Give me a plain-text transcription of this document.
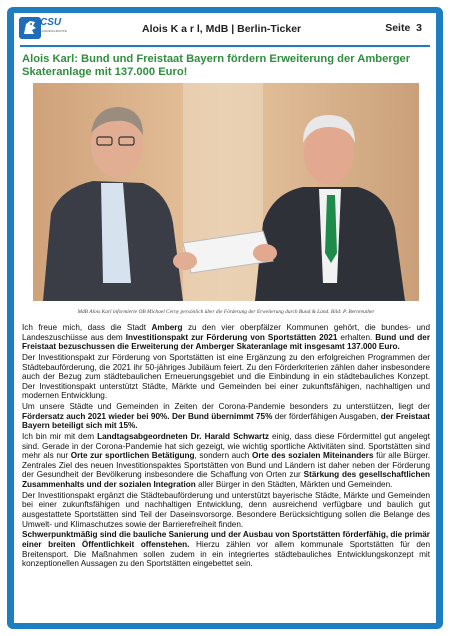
CSU
LANDESGRUPPE	Alois K a r l, MdB | Berlin-Ticker	Seite 3
Alois Karl: Bund und Freistaat Bayern fördern Erweiterung der Amberger Skateranlage mit 137.000 Euro!
MdB Alois Karl informierte OB Michael Cerny persönlich über die Förderung der Erweiterung durch Bund & Land. Bild: P. Bernreuther

Ich freue mich, dass die Stadt Amberg zu den vier oberpfälzer Kommunen gehört, die bundes- und Landeszuschüsse aus dem Investitionspakt zur Förderung von Sportstätten 2021 erhalten. Bund und der Freistaat bezuschussen die Erweiterung der Amberger Skateranlage mit insgesamt 137.000 Euro.

Der Investitionspakt zur Förderung von Sportstätten ist eine Ergänzung zu den erfolgreichen Programmen der Städtebauförderung, die 2021 ihr 50-jähriges Jubiläum feiert. Zu den Förderkriterien zählen daher insbesondere auch der Bezug zum städtebaulichen Erneuerungsgebiet und die Einbindung in ein städtebauliches Konzept. Der Investitionspakt unterstützt Städte, Märkte und Gemeinden bei einer zukunftsfähigen, nachhaltigen und modernen Entwicklung.

Um unsere Städte und Gemeinden in Zeiten der Corona-Pandemie besonders zu unterstützen, liegt der Fördersatz auch 2021 wieder bei 90%. Der Bund übernimmt 75% der förderfähigen Ausgaben, der Freistaat Bayern beteiligt sich mit 15%.

Ich bin mir mit dem Landtagsabgeordneten Dr. Harald Schwartz einig, dass diese Fördermittel gut angelegt sind. Gerade in der Corona-Pandemie hat sich gezeigt, wie wichtig sportliche Aktivitäten sind. Sportstätten sind mehr als nur Orte zur sportlichen Betätigung, sondern auch Orte des sozialen Miteinanders für alle Bürger. Zentrales Ziel des neuen Investitionspaktes Sportstätten von Bund und Ländern ist daher neben der Förderung der Gesundheit der Bevölkerung insbesondere die Schaffung von Orten zur Stärkung des gesellschaftlichen Zusammenhalts und der sozialen Integration aller Bürger in den Städten, Märkten und Gemeinden.

Der Investitionspakt ergänzt die Städtebauförderung und unterstützt bayerische Städte, Märkte und Gemeinden bei einer zukunftsfähigen und nachhaltigen Entwicklung, denn ausreichend verfügbare und baulich gut ausgestattete Sportstätten sind Teil der Daseinsvorsorge. Besondere Berücksichtigung sollen die Belange des Umwelt- und Klimaschutzes sowie der Barrierefreiheit finden.

Schwerpunktmäßig sind die bauliche Sanierung und der Ausbau von Sportstätten förderfähig, die primär einer breiten Öffentlichkeit offenstehen. Hierzu zählen vor allem kommunale Sportstätten für den Breitensport. Die Maßnahmen sollen zudem in ein integriertes städtebauliches Entwicklungskonzept mit konzeptionellen Aussagen zu den Sportstätten eingebettet sein.
